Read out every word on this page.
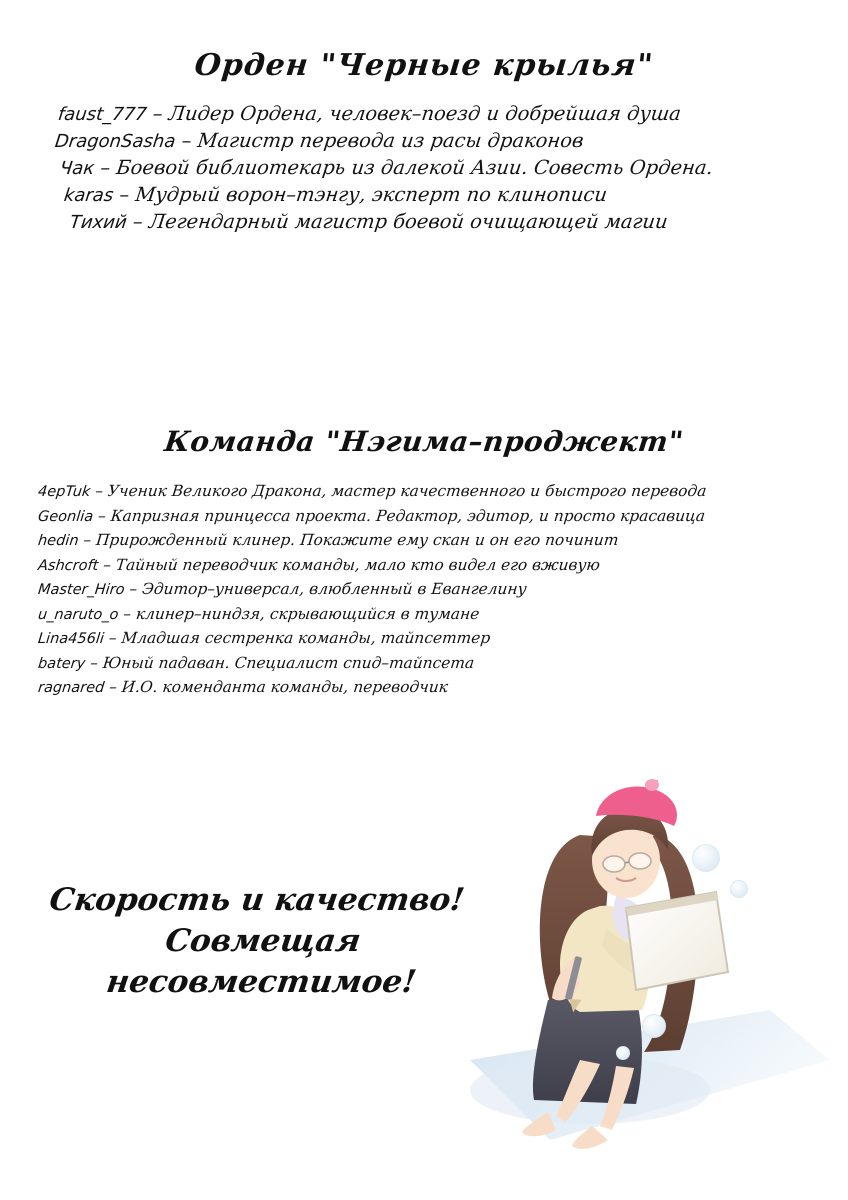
Орден "Черные крылья"
faust_777 – Лидер Ордена, человек–поезд и добрейшая душа
DragonSasha – Магистр перевода из расы драконов
Чак – Боевой библиотекарь из далекой Азии. Совесть Ордена.
karas – Мудрый ворон–тэнгу, эксперт по клинописи
Тихий – Легендарный магистр боевой очищающей магии
Команда "Нэгима–проджект"
4epTuk – Ученик Великого Дракона, мастер качественного и быстрого перевода
Geonlia – Капризная принцесса проекта. Редактор, эдитор, и просто красавица
hedin – Прирожденный клинер. Покажите ему скан и он его починит
Ashcroft – Тайный переводчик команды, мало кто видел его вживую
Master_Hiro – Эдитор–универсал, влюбленный в Евангелину
u_naruto_o – клинер–ниндзя, скрывающийся в тумане
Lina456li – Младшая сестренка команды, тайпсеттер
batery – Юный падаван. Специалист спид–тайпсета
ragnared – И.О. коменданта команды, переводчик
Скорость и качество!
Совмещая
несовместимое!
